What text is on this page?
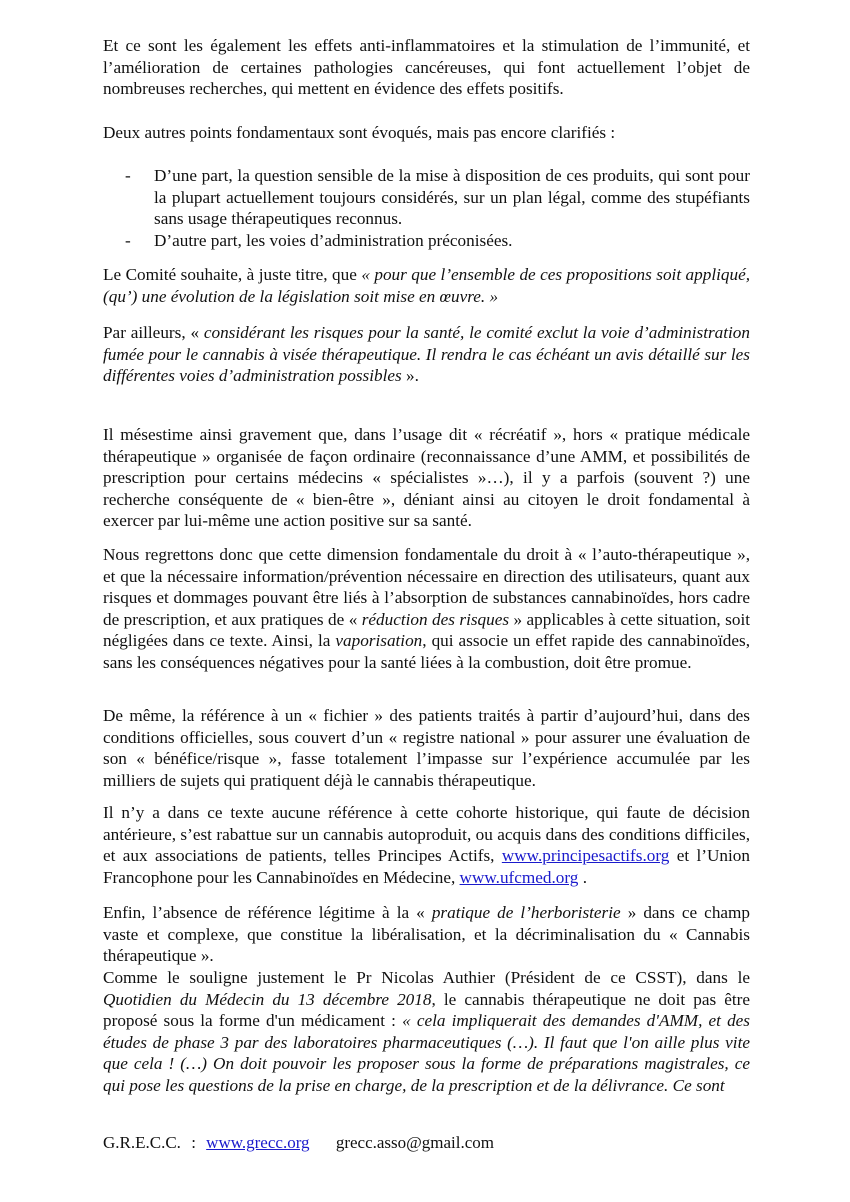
Et ce sont les également les effets anti-inflammatoires et la stimulation de l’immunité, et l’amélioration de certaines pathologies cancéreuses, qui font actuellement l’objet de nombreuses recherches, qui mettent en évidence des effets positifs.

Deux autres points fondamentaux sont évoqués, mais pas encore clarifiés :

- D’une part, la question sensible de la mise à disposition de ces produits, qui sont pour la plupart actuellement toujours considérés, sur un plan légal, comme des stupéfiants sans usage thérapeutiques reconnus.
- D’autre part, les voies d’administration préconisées.

Le Comité souhaite, à juste titre, que « pour que l’ensemble de ces propositions soit appliqué, (qu’) une évolution de la législation soit mise en œuvre. »

Par ailleurs, « considérant les risques pour la santé, le comité exclut la voie d’administration fumée pour le cannabis à visée thérapeutique. Il rendra le cas échéant un avis détaillé sur les différentes voies d’administration possibles ».

Il mésestime ainsi gravement que, dans l’usage dit « récréatif », hors « pratique médicale thérapeutique » organisée de façon ordinaire (reconnaissance d’une AMM, et possibilités de prescription pour certains médecins « spécialistes »…), il y a parfois (souvent ?) une recherche conséquente de « bien-être », déniant ainsi au citoyen le droit fondamental à exercer par lui-même une action positive sur sa santé.

Nous regrettons donc que cette dimension fondamentale du droit à « l’auto-thérapeutique », et que la nécessaire information/prévention nécessaire en direction des utilisateurs, quant aux risques et dommages pouvant être liés à l’absorption de substances cannabinoïdes, hors cadre de prescription, et aux pratiques de « réduction des risques » applicables à cette situation, soit négligées dans ce texte. Ainsi, la vaporisation, qui associe un effet rapide des cannabinoïdes, sans les conséquences négatives pour la santé liées à la combustion, doit être promue.

De même, la référence à un « fichier » des patients traités à partir d’aujourd’hui, dans des conditions officielles, sous couvert d’un « registre national » pour assurer une évaluation de son « bénéfice/risque », fasse totalement l’impasse sur l’expérience accumulée par les milliers de sujets qui pratiquent déjà le cannabis thérapeutique.

Il n’y a dans ce texte aucune référence à cette cohorte historique, qui faute de décision antérieure, s’est rabattue sur un cannabis autoproduit, ou acquis dans des conditions difficiles, et aux associations de patients, telles Principes Actifs, www.principesactifs.org et l’Union Francophone pour les Cannabinoïdes en Médecine, www.ufcmed.org .

Enfin, l’absence de référence légitime à la « pratique de l’herboristerie » dans ce champ vaste et complexe, que constitue la libéralisation, et la décriminalisation du « Cannabis thérapeutique ».

Comme le souligne justement le Pr Nicolas Authier (Président de ce CSST), dans le Quotidien du Médecin du 13 décembre 2018, le cannabis thérapeutique ne doit pas être proposé sous la forme d'un médicament : « cela impliquerait des demandes d'AMM, et des études de phase 3 par des laboratoires pharmaceutiques (…). Il faut que l'on aille plus vite que cela ! (…) On doit pouvoir les proposer sous la forme de préparations magistrales, ce qui pose les questions de la prise en charge, de la prescription et de la délivrance. Ce sont

G.R.E.C.C. : www.grecc.org grecc.asso@gmail.com
